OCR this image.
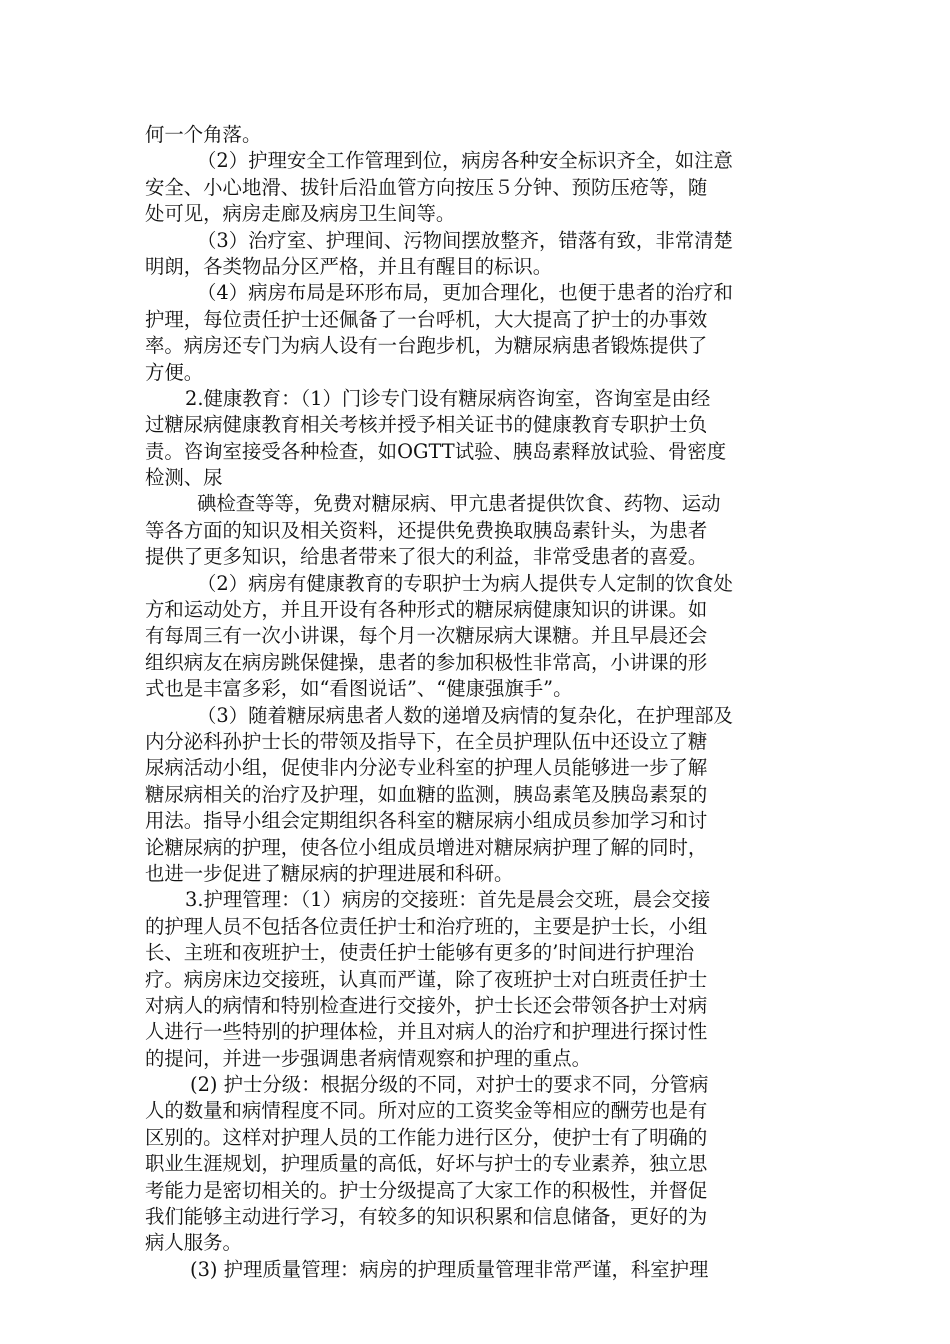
何一个角落。
（2）护理安全工作管理到位，病房各种安全标识齐全，如注意
安全、小心地滑、拔针后沿血管方向按压５分钟、预防压疮等，随
处可见，病房走廊及病房卫生间等。
（3）治疗室、护理间、污物间摆放整齐，错落有致，非常清楚
明朗，各类物品分区严格，并且有醒目的标识。
（4）病房布局是环形布局，更加合理化，也便于患者的治疗和
护理，每位责任护士还佩备了一台呼机，大大提高了护士的办事效
率。病房还专门为病人设有一台跑步机，为糖尿病患者锻炼提供了
方便。
2.健康教育：（1）门诊专门设有糖尿病咨询室，咨询室是由经
过糖尿病健康教育相关考核并授予相关证书的健康教育专职护士负
责。咨询室接受各种检查，如OGTT试验、胰岛素释放试验、骨密度
检测、尿
碘检查等等，免费对糖尿病、甲亢患者提供饮食、药物、运动
等各方面的知识及相关资料，还提供免费换取胰岛素针头，为患者
提供了更多知识，给患者带来了很大的利益，非常受患者的喜爱。
（2）病房有健康教育的专职护士为病人提供专人定制的饮食处
方和运动处方，并且开设有各种形式的糖尿病健康知识的讲课。如
有每周三有一次小讲课，每个月一次糖尿病大课糖。并且早晨还会
组织病友在病房跳保健操，患者的参加积极性非常高，小讲课的形
式也是丰富多彩，如“看图说话”、“健康强旗手”。
（3）随着糖尿病患者人数的递增及病情的复杂化，在护理部及
内分泌科孙护士长的带领及指导下，在全员护理队伍中还设立了糖
尿病活动小组，促使非内分泌专业科室的护理人员能够进一步了解
糖尿病相关的治疗及护理，如血糖的监测，胰岛素笔及胰岛素泵的
用法。指导小组会定期组织各科室的糖尿病小组成员参加学习和讨
论糖尿病的护理，使各位小组成员增进对糖尿病护理了解的同时，
也进一步促进了糖尿病的护理进展和科研。
3.护理管理：（1）病房的交接班：首先是晨会交班，晨会交接
的护理人员不包括各位责任护士和治疗班的，主要是护士长，小组
长、主班和夜班护士，使责任护士能够有更多的’时间进行护理治
疗。病房床边交接班，认真而严谨，除了夜班护士对白班责任护士
对病人的病情和特别检查进行交接外，护士长还会带领各护士对病
人进行一些特别的护理体检，并且对病人的治疗和护理进行探讨性
的提问，并进一步强调患者病情观察和护理的重点。
(2) 护士分级：根据分级的不同，对护士的要求不同，分管病
人的数量和病情程度不同。所对应的工资奖金等相应的酬劳也是有
区别的。这样对护理人员的工作能力进行区分，使护士有了明确的
职业生涯规划，护理质量的高低，好坏与护士的专业素养，独立思
考能力是密切相关的。护士分级提高了大家工作的积极性，并督促
我们能够主动进行学习，有较多的知识积累和信息储备，更好的为
病人服务。
(3) 护理质量管理：病房的护理质量管理非常严谨，科室护理
